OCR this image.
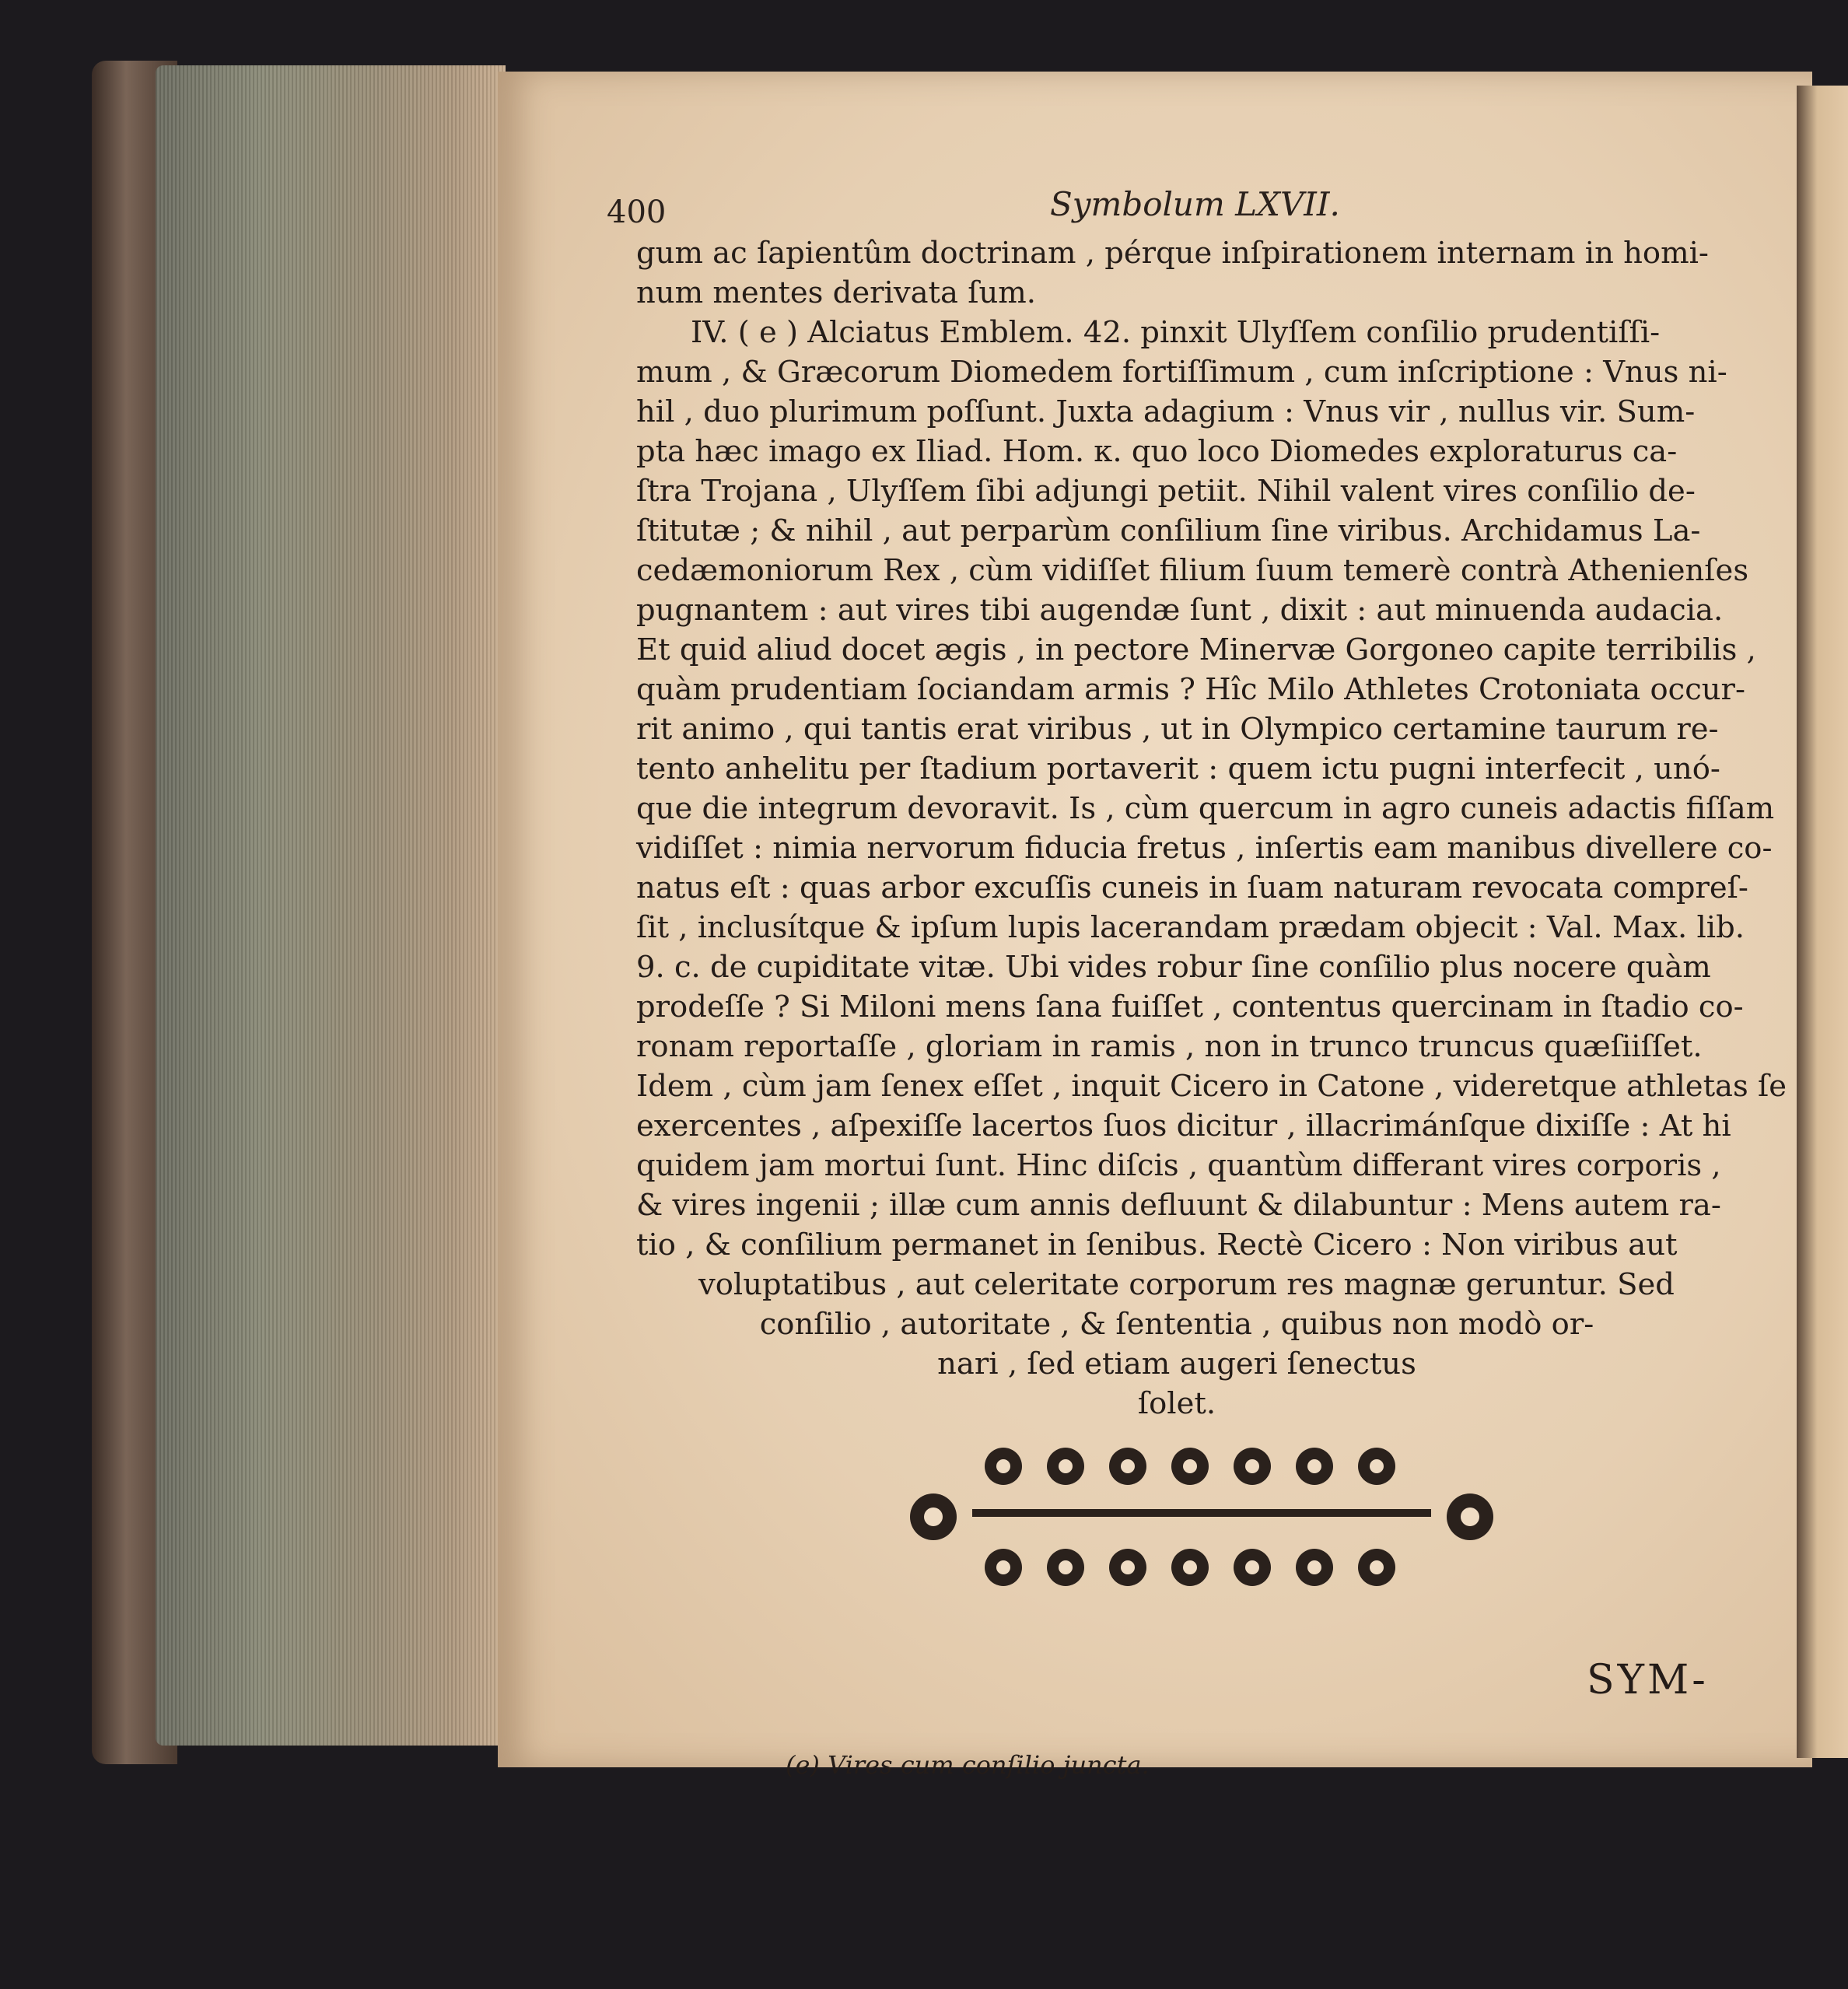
400	Symbolum LXVII.
gum ac ſapientûm doctrinam , pérque inſpirationem internam in homi-
num mentes derivata ſum.
IV. ( e ) Alciatus Emblem. 42. pinxit Ulyſſem conſilio prudentiſſi-
mum , & Græcorum Diomedem fortiſſimum , cum inſcriptione : Vnus ni-
hil , duo plurimum poſſunt. Juxta adagium : Vnus vir , nullus vir. Sum-
pta hæc imago ex Iliad. Hom. κ. quo loco Diomedes exploraturus ca-
ſtra Trojana , Ulyſſem ſibi adjungi petiit. Nihil valent vires conſilio de-
ſtitutæ ; & nihil , aut perparùm conſilium ſine viribus. Archidamus La-
cedæmoniorum Rex , cùm vidiſſet filium ſuum temerè contrà Athenienſes
pugnantem : aut vires tibi augendæ ſunt , dixit : aut minuenda audacia.
Et quid aliud docet ægis , in pectore Minervæ Gorgoneo capite terribilis ,
quàm prudentiam ſociandam armis ? Hîc Milo Athletes Crotoniata occur-
rit animo , qui tantis erat viribus , ut in Olympico certamine taurum re-
tento anhelitu per ſtadium portaverit : quem ictu pugni interfecit , unó-
que die integrum devoravit. Is , cùm quercum in agro cuneis adactis fiſſam
vidiſſet : nimia nervorum fiducia fretus , inſertis eam manibus divellere co-
natus eſt : quas arbor excuſſis cuneis in ſuam naturam revocata compreſ-
ſit , inclusítque & ipſum lupis lacerandam prædam objecit : Val. Max. lib.
9. c. de cupiditate vitæ. Ubi vides robur ſine conſilio plus nocere quàm
prodeſſe ? Si Miloni mens ſana fuiſſet , contentus quercinam in ſtadio co-
ronam reportaſſe , gloriam in ramis , non in trunco truncus quæſiiſſet.
Idem , cùm jam ſenex eſſet , inquit Cicero in Catone , videretque athletas ſe
exercentes , aſpexiſſe lacertos ſuos dicitur , illacrimánſque dixiſſe : At hi
quidem jam mortui ſunt. Hinc diſcis , quantùm differant vires corporis ,
& vires ingenii ; illæ cum annis defluunt & dilabuntur : Mens autem ra-
tio , & conſilium permanet in ſenibus. Rectè Cicero : Non viribus aut
voluptatibus , aut celeritate corporum res magnæ geruntur. Sed
conſilio , autoritate , & ſententia , quibus non modò or-
nari , ſed etiam augeri ſenectus
ſolet.
SYM-
(e) Vires cum conſilio juncta.
